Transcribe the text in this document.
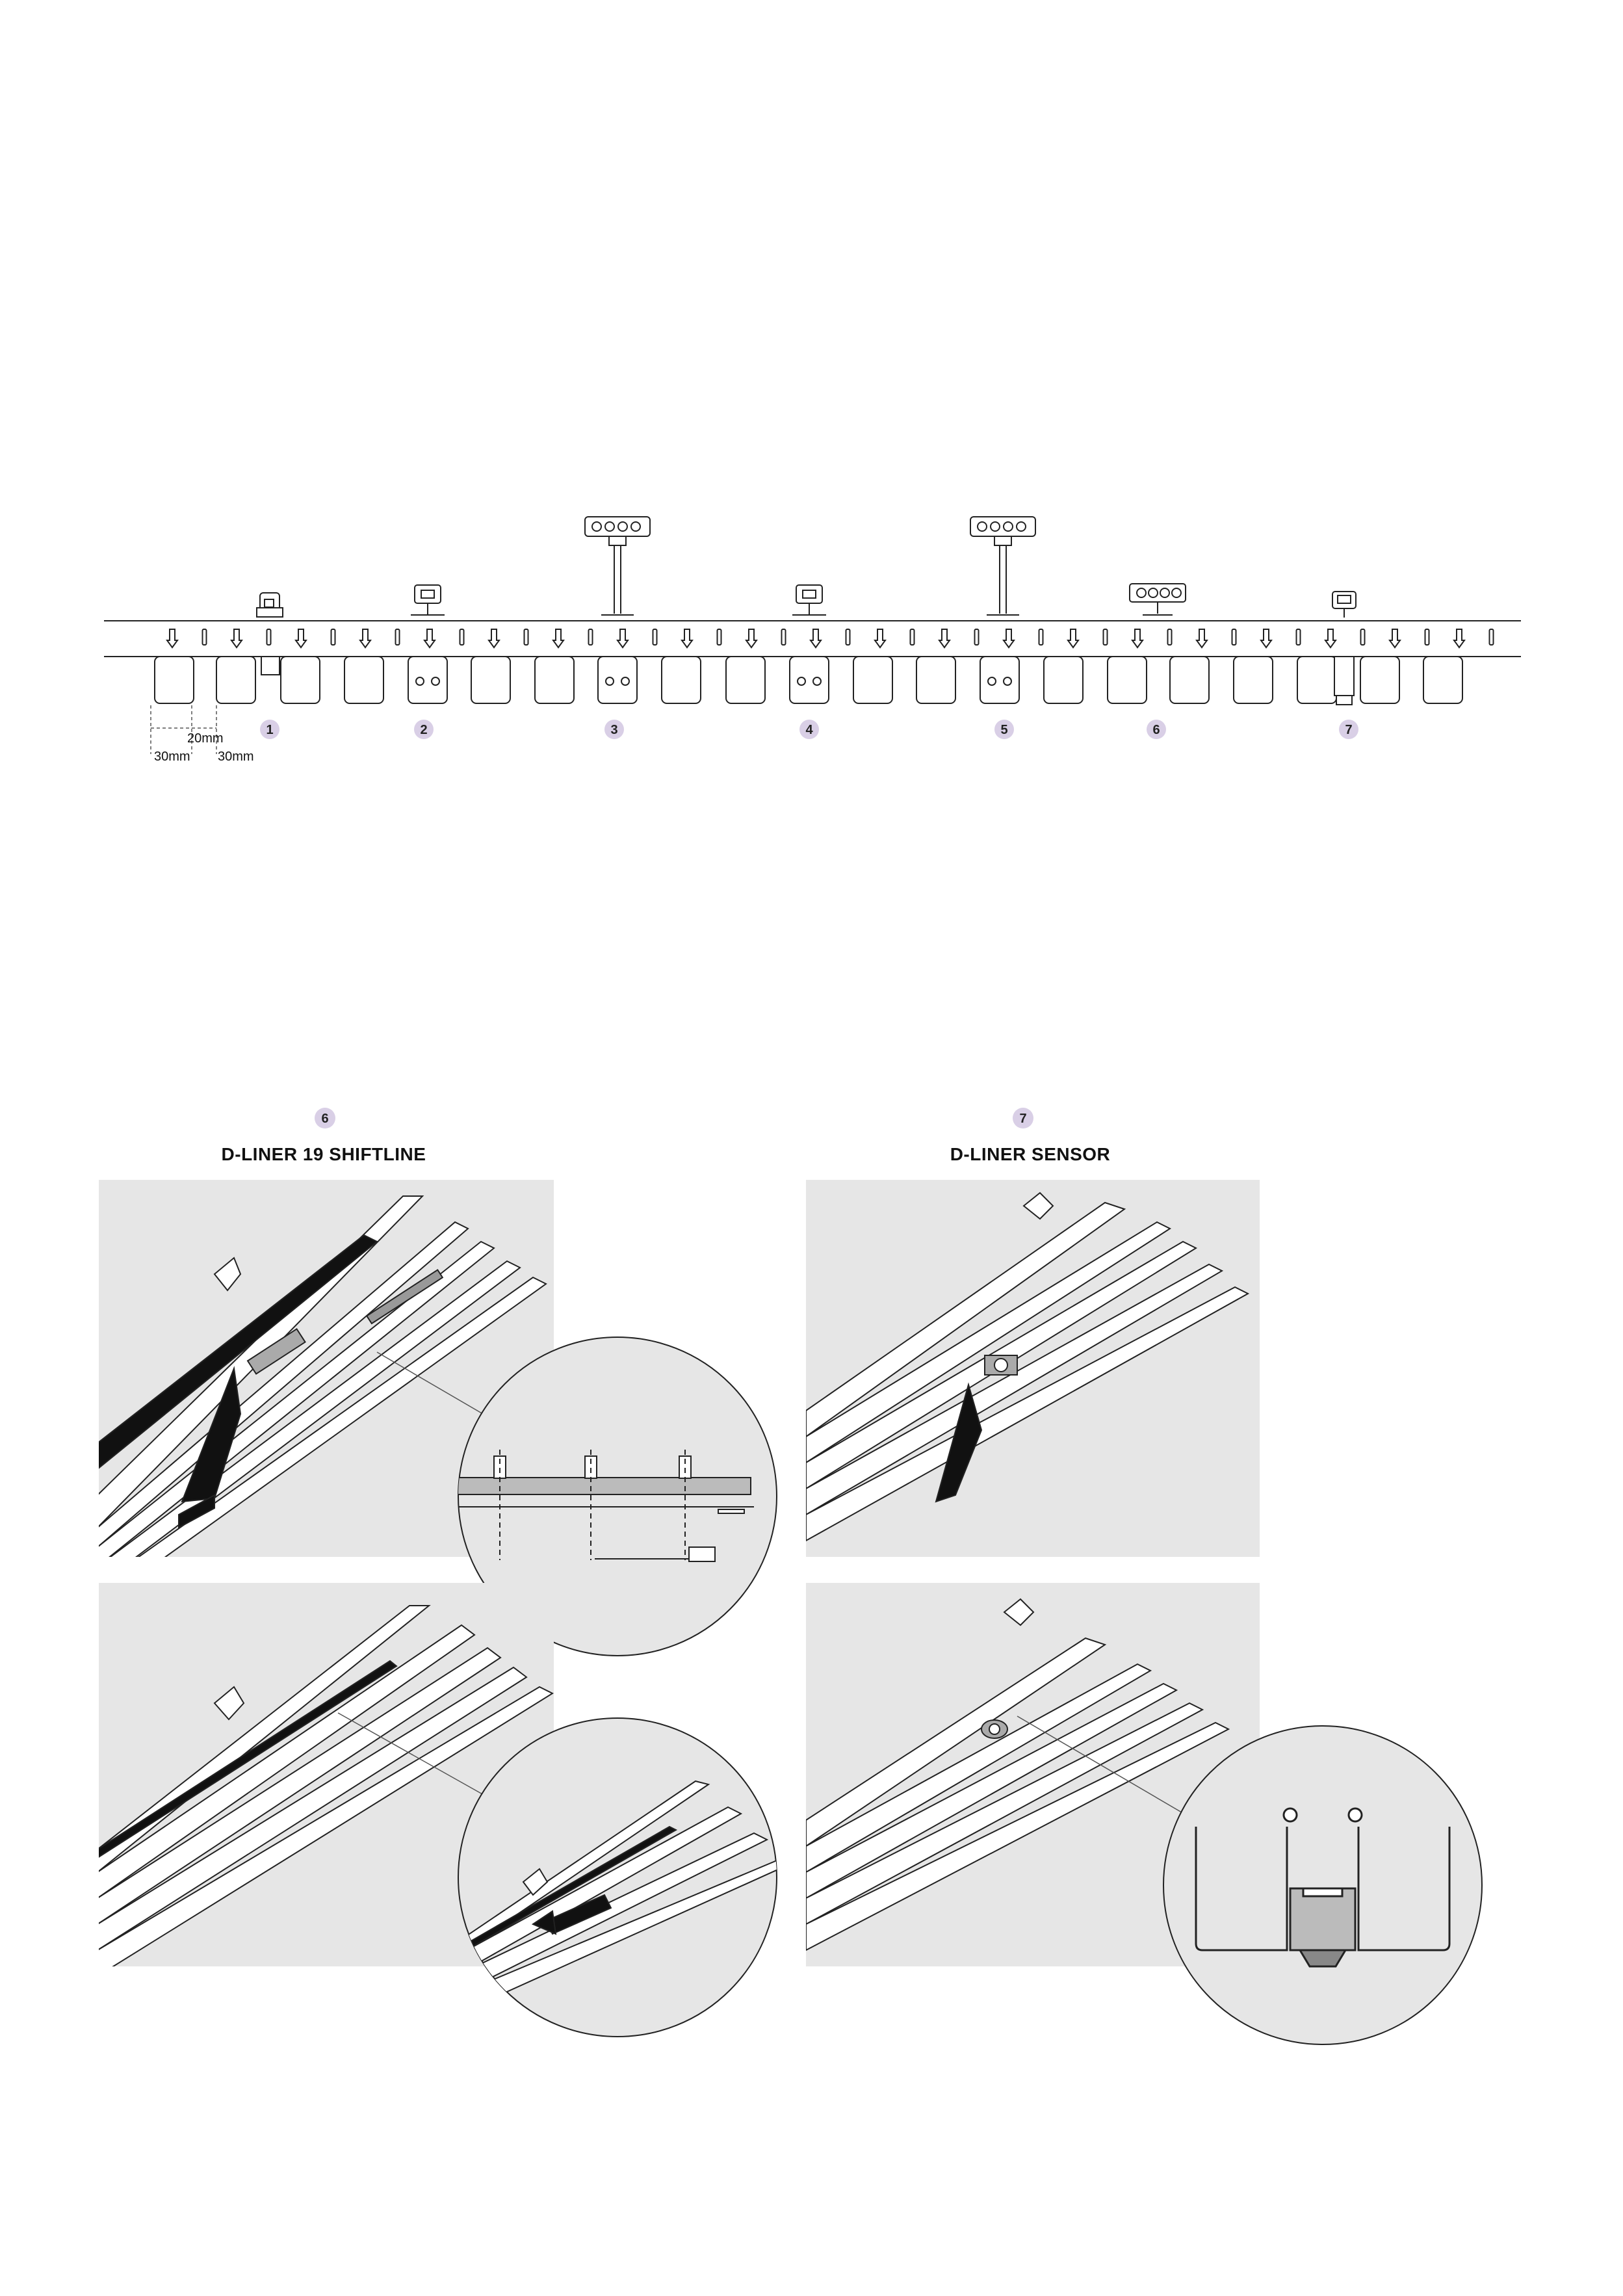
20mm
30mm 30mm
1	2	3	4	5	6	7
6
D-LINER 19 SHIFTLINE
7
D-LINER SENSOR
